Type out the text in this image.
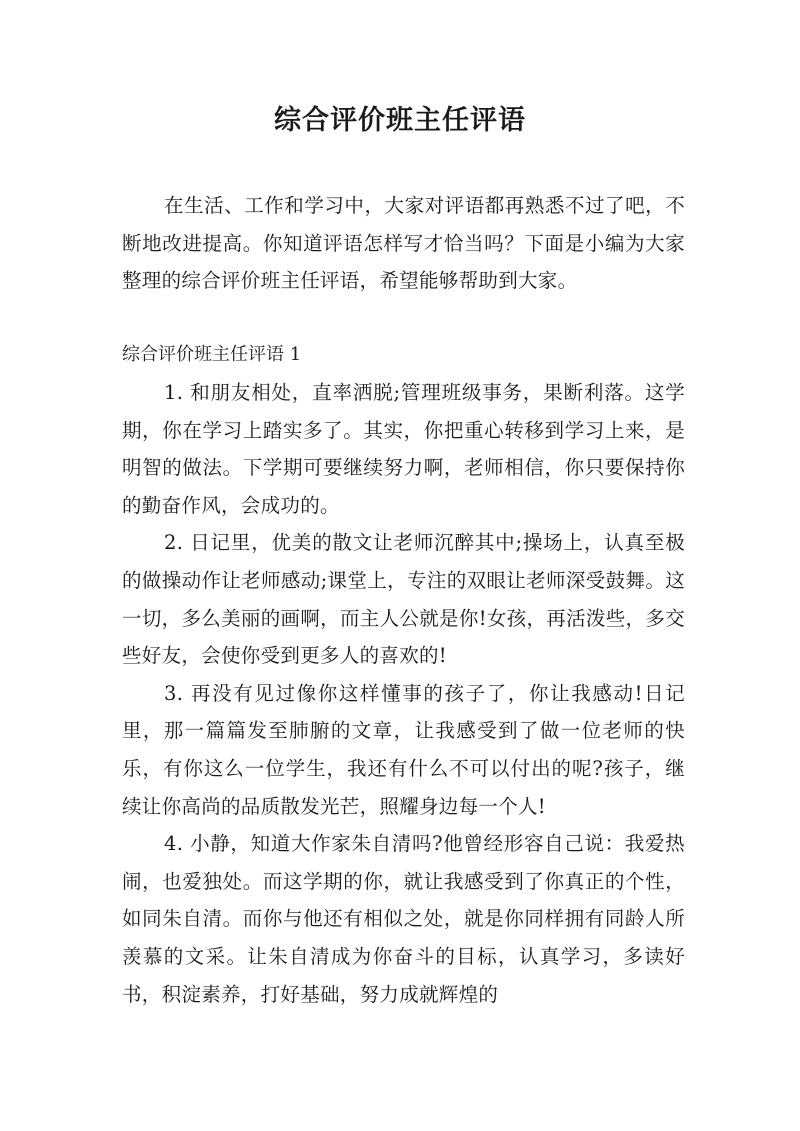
综合评价班主任评语

在生活、工作和学习中，大家对评语都再熟悉不过了吧，不断地改进提高。你知道评语怎样写才恰当吗？下面是小编为大家整理的综合评价班主任评语，希望能够帮助到大家。

综合评价班主任评语 1

1. 和朋友相处，直率洒脱;管理班级事务，果断利落。这学期，你在学习上踏实多了。其实，你把重心转移到学习上来，是明智的做法。下学期可要继续努力啊，老师相信，你只要保持你的勤奋作风，会成功的。

2. 日记里，优美的散文让老师沉醉其中;操场上，认真至极的做操动作让老师感动;课堂上，专注的双眼让老师深受鼓舞。这一切，多么美丽的画啊，而主人公就是你!女孩，再活泼些，多交些好友，会使你受到更多人的喜欢的!

3. 再没有见过像你这样懂事的孩子了，你让我感动!日记里，那一篇篇发至肺腑的文章，让我感受到了做一位老师的快乐，有你这么一位学生，我还有什么不可以付出的呢?孩子，继续让你高尚的品质散发光芒，照耀身边每一个人!

4. 小静，知道大作家朱自清吗?他曾经形容自己说：我爱热闹，也爱独处。而这学期的你，就让我感受到了你真正的个性，如同朱自清。而你与他还有相似之处，就是你同样拥有同龄人所羡慕的文采。让朱自清成为你奋斗的目标，认真学习，多读好书，积淀素养，打好基础，努力成就辉煌的
